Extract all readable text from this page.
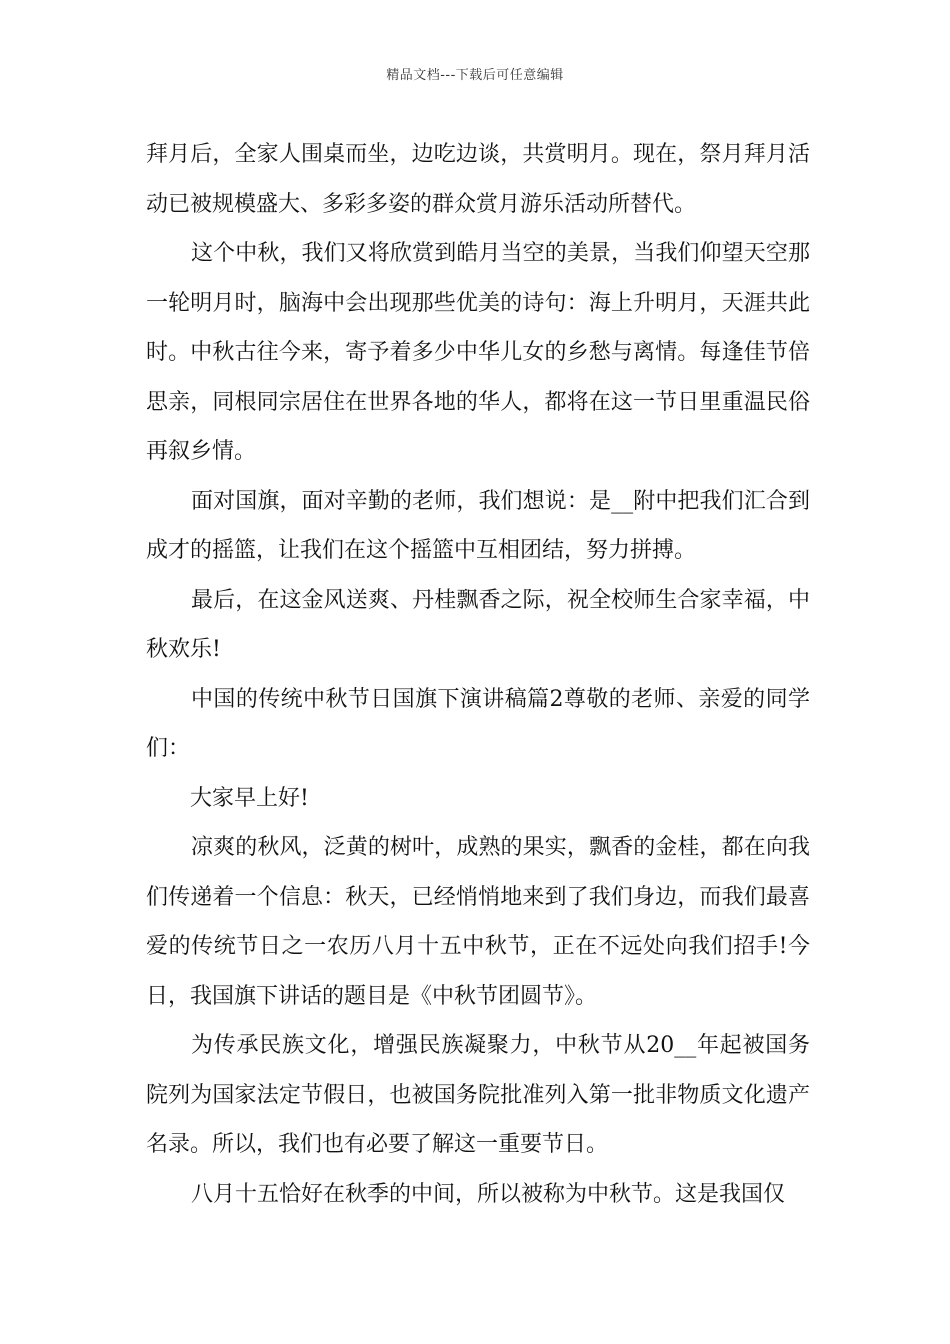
精品文档---下载后可任意编辑

拜月后，全家人围桌而坐，边吃边谈，共赏明月。现在，祭月拜月活动已被规模盛大、多彩多姿的群众赏月游乐活动所替代。

这个中秋，我们又将欣赏到皓月当空的美景，当我们仰望天空那一轮明月时，脑海中会出现那些优美的诗句：海上升明月，天涯共此时。中秋古往今来，寄予着多少中华儿女的乡愁与离情。每逢佳节倍思亲，同根同宗居住在世界各地的华人，都将在这一节日里重温民俗再叙乡情。

面对国旗，面对辛勤的老师，我们想说：是__附中把我们汇合到成才的摇篮，让我们在这个摇篮中互相团结，努力拼搏。

最后，在这金风送爽、丹桂飘香之际，祝全校师生合家幸福，中秋欢乐!

中国的传统中秋节日国旗下演讲稿篇2尊敬的老师、亲爱的同学们：

大家早上好!

凉爽的秋风，泛黄的树叶，成熟的果实，飘香的金桂，都在向我们传递着一个信息：秋天，已经悄悄地来到了我们身边，而我们最喜爱的传统节日之一农历八月十五中秋节，正在不远处向我们招手!今日，我国旗下讲话的题目是《中秋节团圆节》。

为传承民族文化，增强民族凝聚力，中秋节从20__年起被国务院列为国家法定节假日，也被国务院批准列入第一批非物质文化遗产名录。所以，我们也有必要了解这一重要节日。

八月十五恰好在秋季的中间，所以被称为中秋节。这是我国仅
